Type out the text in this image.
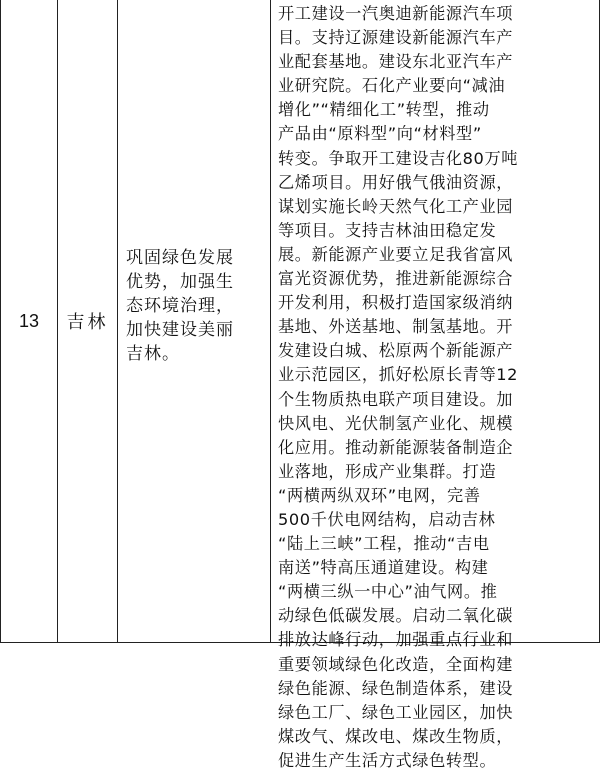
13 吉林
巩固绿色发展
优势，加强生
态环境治理，
加快建设美丽
吉林。
开工建设一汽奥迪新能源汽车项
目。支持辽源建设新能源汽车产
业配套基地。建设东北亚汽车产
业研究院。石化产业要向“减油
增化”“精细化工”转型，推动
产品由“原料型”向“材料型”
转变。争取开工建设吉化80万吨
乙烯项目。用好俄气俄油资源，
谋划实施长岭天然气化工产业园
等项目。支持吉林油田稳定发
展。新能源产业要立足我省富风
富光资源优势，推进新能源综合
开发利用，积极打造国家级消纳
基地、外送基地、制氢基地。开
发建设白城、松原两个新能源产
业示范园区，抓好松原长青等12
个生物质热电联产项目建设。加
快风电、光伏制氢产业化、规模
化应用。推动新能源装备制造企
业落地，形成产业集群。打造
“两横两纵双环”电网，完善
500千伏电网结构，启动吉林
“陆上三峡”工程，推动“吉电
南送”特高压通道建设。构建
“两横三纵一中心”油气网。推
动绿色低碳发展。启动二氧化碳
排放达峰行动，加强重点行业和
重要领域绿色化改造，全面构建
绿色能源、绿色制造体系，建设
绿色工厂、绿色工业园区，加快
煤改气、煤改电、煤改生物质，
促进生产生活方式绿色转型。
